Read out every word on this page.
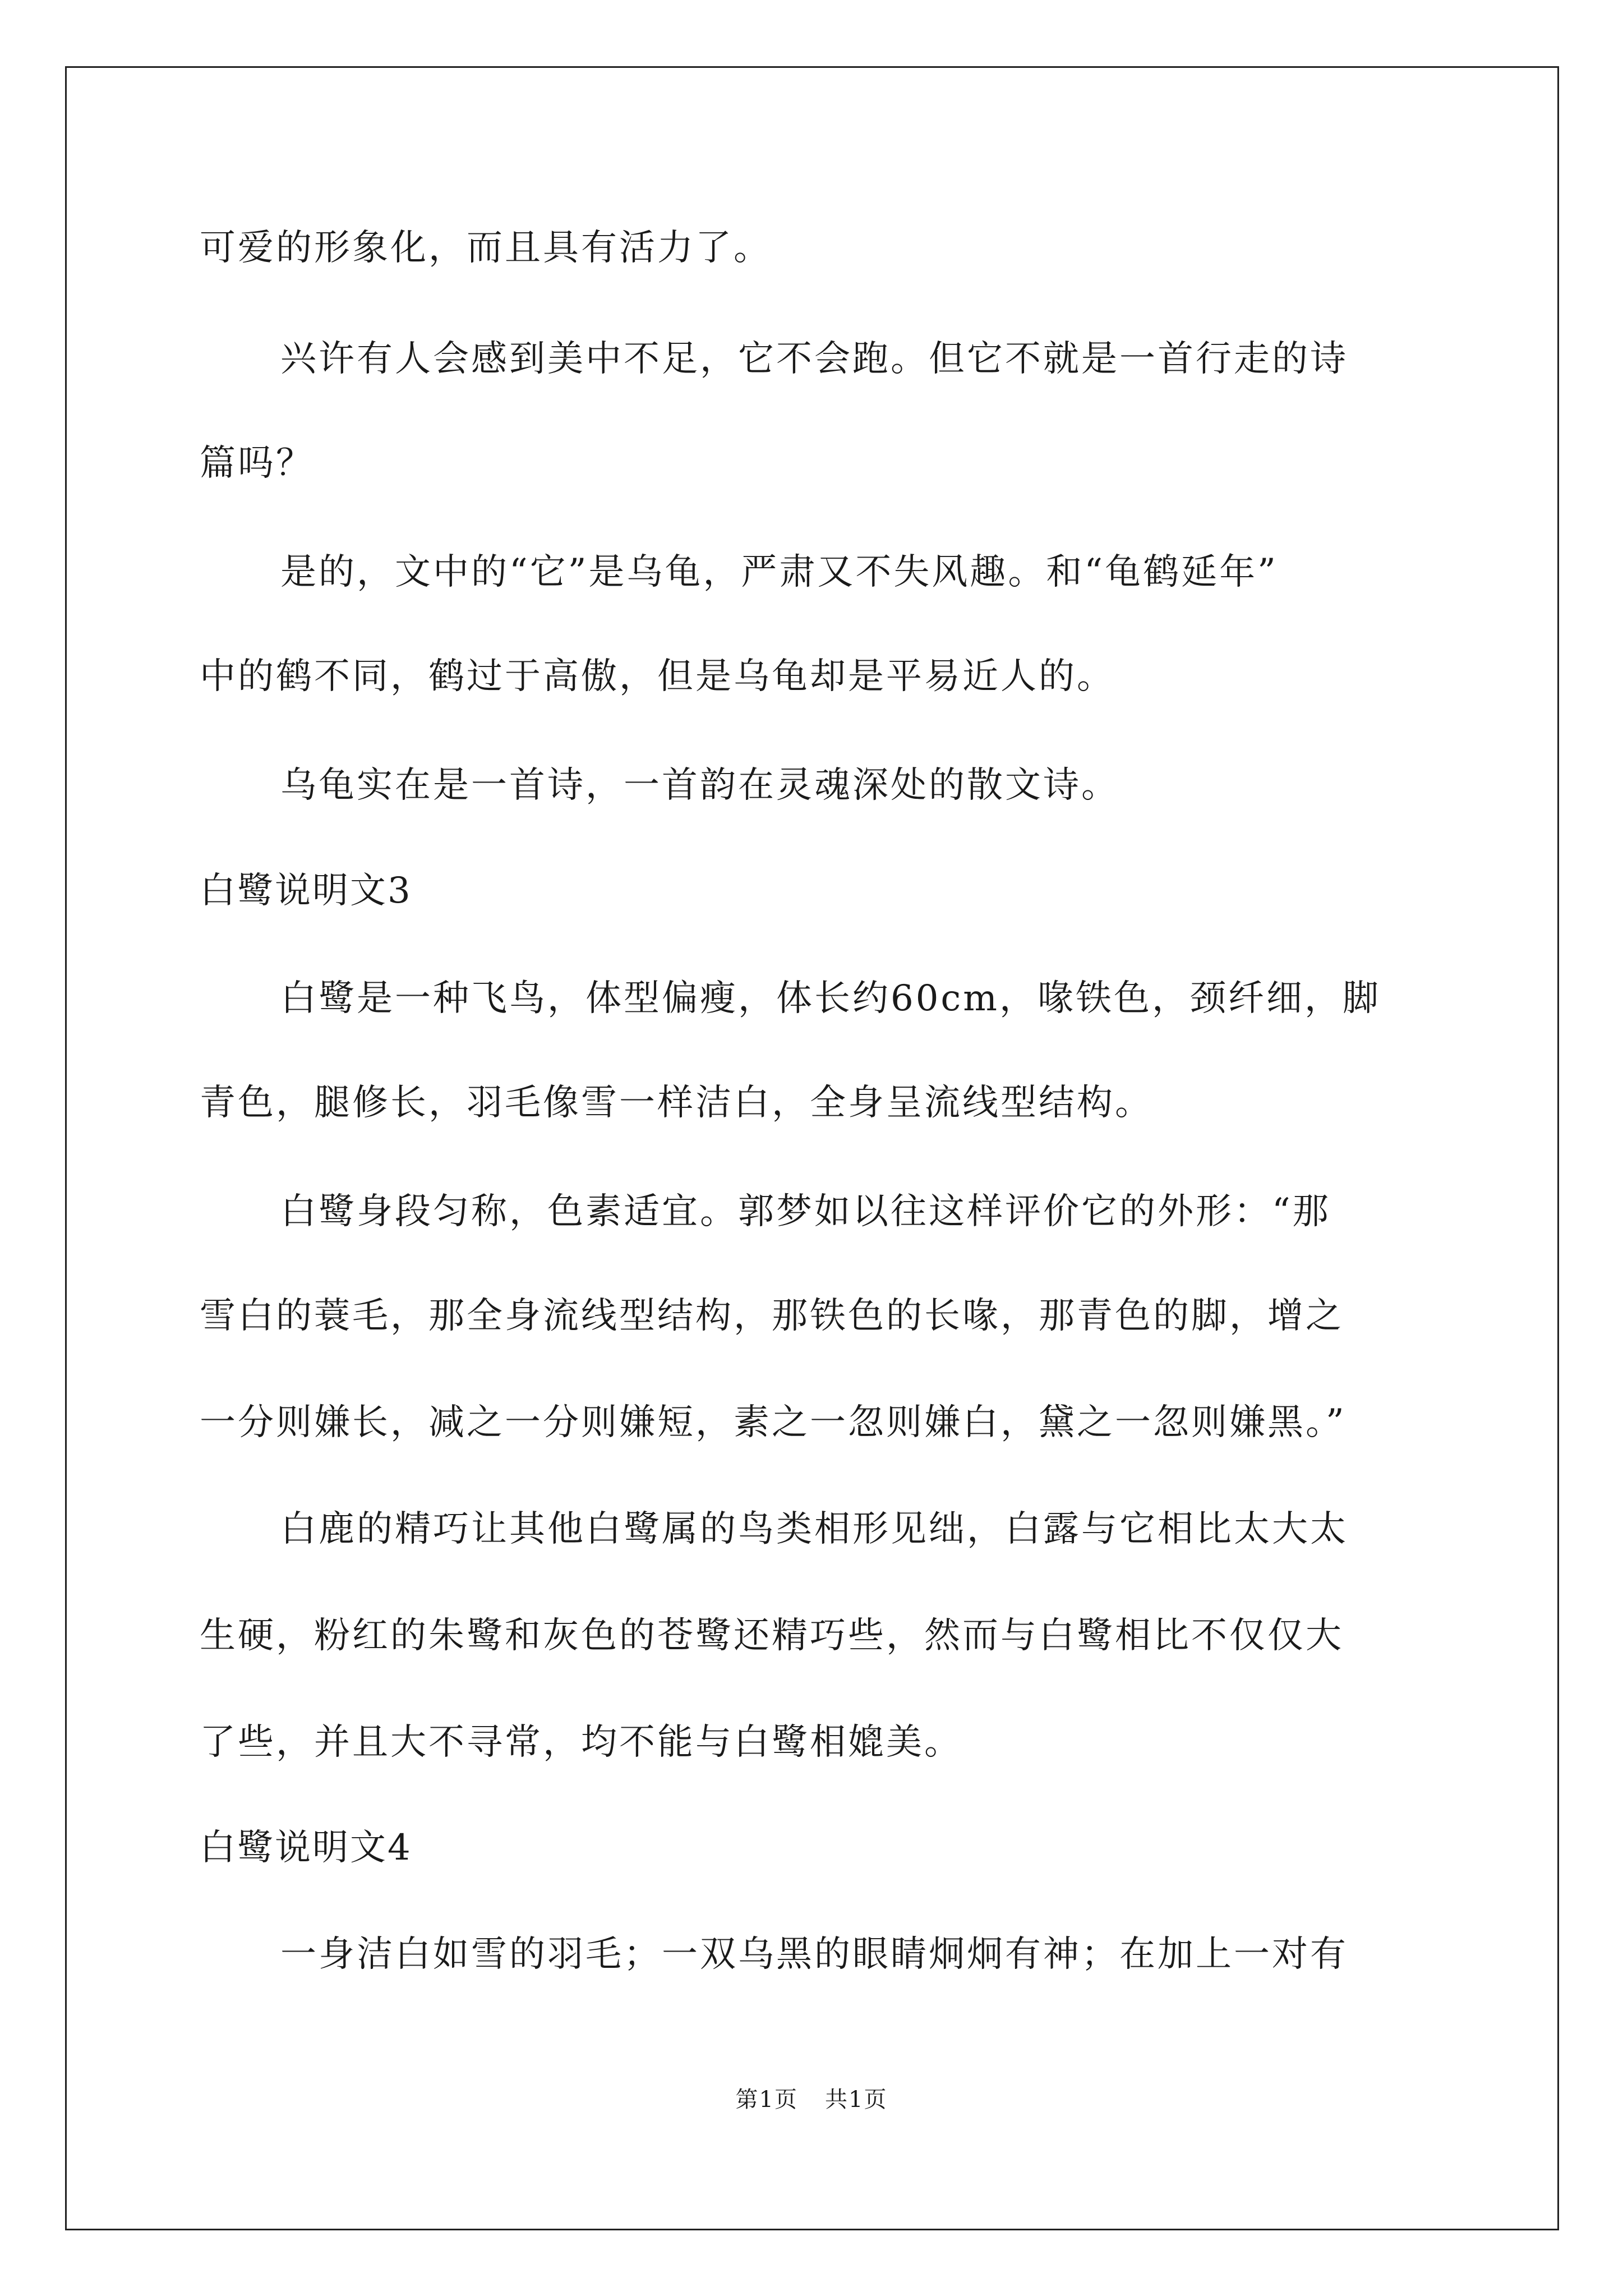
可爱的形象化，而且具有活力了。
兴许有人会感到美中不足，它不会跑。但它不就是一首行走的诗
篇吗？
是的，文中的“它”是乌龟，严肃又不失风趣。和“龟鹤延年”
中的鹤不同，鹤过于高傲，但是乌龟却是平易近人的。
乌龟实在是一首诗，一首韵在灵魂深处的散文诗。
白鹭说明文3
白鹭是一种飞鸟，体型偏瘦，体长约60cm，喙铁色，颈纤细，脚
青色，腿修长，羽毛像雪一样洁白，全身呈流线型结构。
白鹭身段匀称，色素适宜。郭梦如以往这样评价它的外形：“那
雪白的蓑毛，那全身流线型结构，那铁色的长喙，那青色的脚，增之
一分则嫌长，减之一分则嫌短，素之一忽则嫌白，黛之一忽则嫌黑。”
白鹿的精巧让其他白鹭属的鸟类相形见绌，白露与它相比太大太
生硬，粉红的朱鹭和灰色的苍鹭还精巧些，然而与白鹭相比不仅仅大
了些，并且大不寻常，均不能与白鹭相媲美。
白鹭说明文4
一身洁白如雪的羽毛；一双乌黑的眼睛炯炯有神；在加上一对有
第1页 共1页
